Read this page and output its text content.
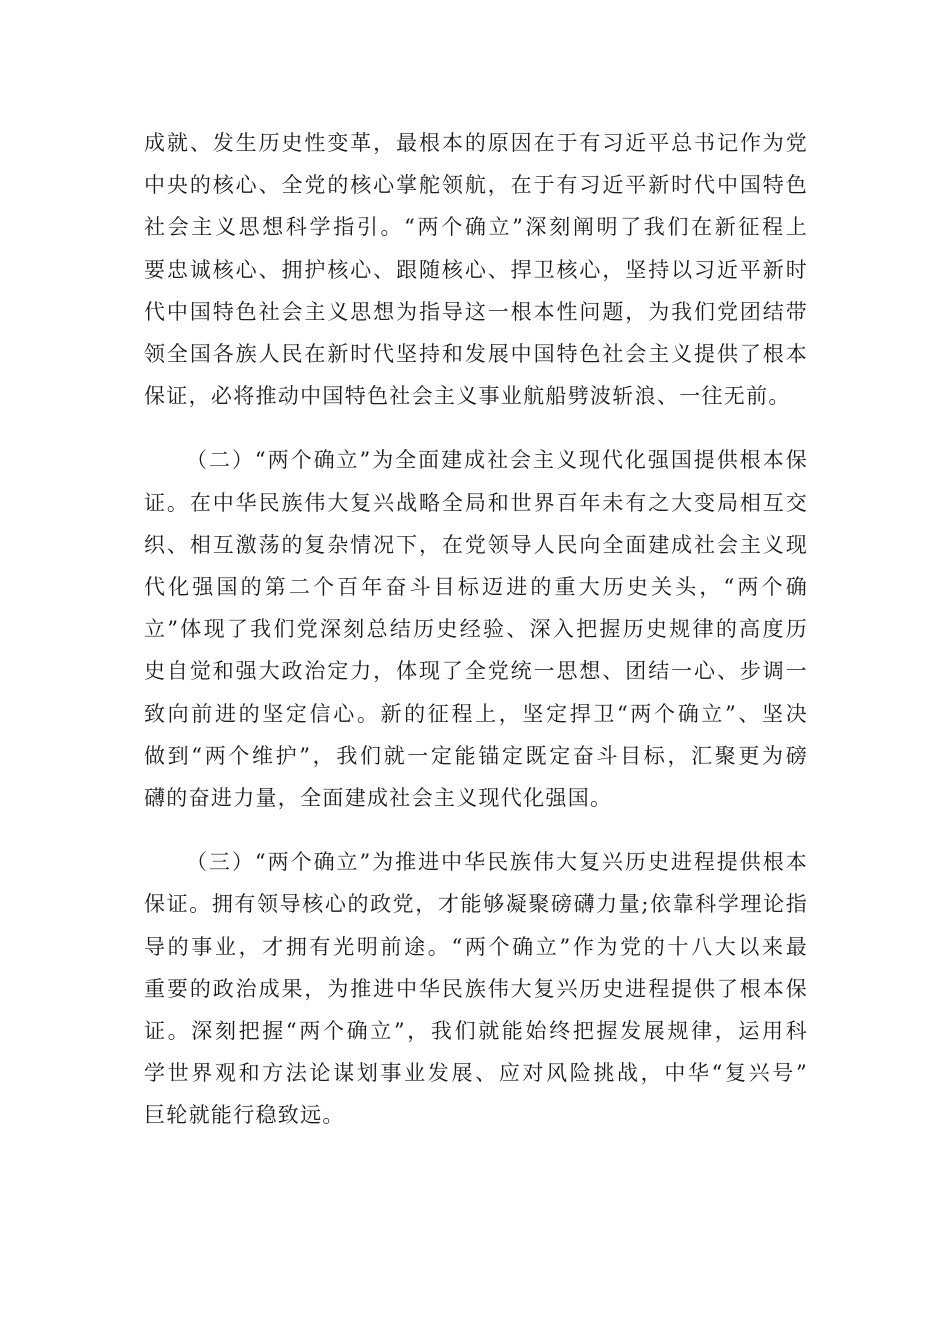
成就、发生历史性变革，最根本的原因在于有习近平总书记作为党
中央的核心、全党的核心掌舵领航，在于有习近平新时代中国特色
社会主义思想科学指引。“两个确立”深刻阐明了我们在新征程上
要忠诚核心、拥护核心、跟随核心、捍卫核心，坚持以习近平新时
代中国特色社会主义思想为指导这一根本性问题，为我们党团结带
领全国各族人民在新时代坚持和发展中国特色社会主义提供了根本
保证，必将推动中国特色社会主义事业航船劈波斩浪、一往无前。

（二）“两个确立”为全面建成社会主义现代化强国提供根本保
证。在中华民族伟大复兴战略全局和世界百年未有之大变局相互交
织、相互激荡的复杂情况下，在党领导人民向全面建成社会主义现
代化强国的第二个百年奋斗目标迈进的重大历史关头，“两个确
立”体现了我们党深刻总结历史经验、深入把握历史规律的高度历
史自觉和强大政治定力，体现了全党统一思想、团结一心、步调一
致向前进的坚定信心。新的征程上，坚定捍卫“两个确立”、坚决
做到“两个维护”，我们就一定能锚定既定奋斗目标，汇聚更为磅
礴的奋进力量，全面建成社会主义现代化强国。

（三）“两个确立”为推进中华民族伟大复兴历史进程提供根本
保证。拥有领导核心的政党，才能够凝聚磅礴力量;依靠科学理论指
导的事业，才拥有光明前途。“两个确立”作为党的十八大以来最
重要的政治成果，为推进中华民族伟大复兴历史进程提供了根本保
证。深刻把握“两个确立”，我们就能始终把握发展规律，运用科
学世界观和方法论谋划事业发展、应对风险挑战，中华“复兴号”
巨轮就能行稳致远。
